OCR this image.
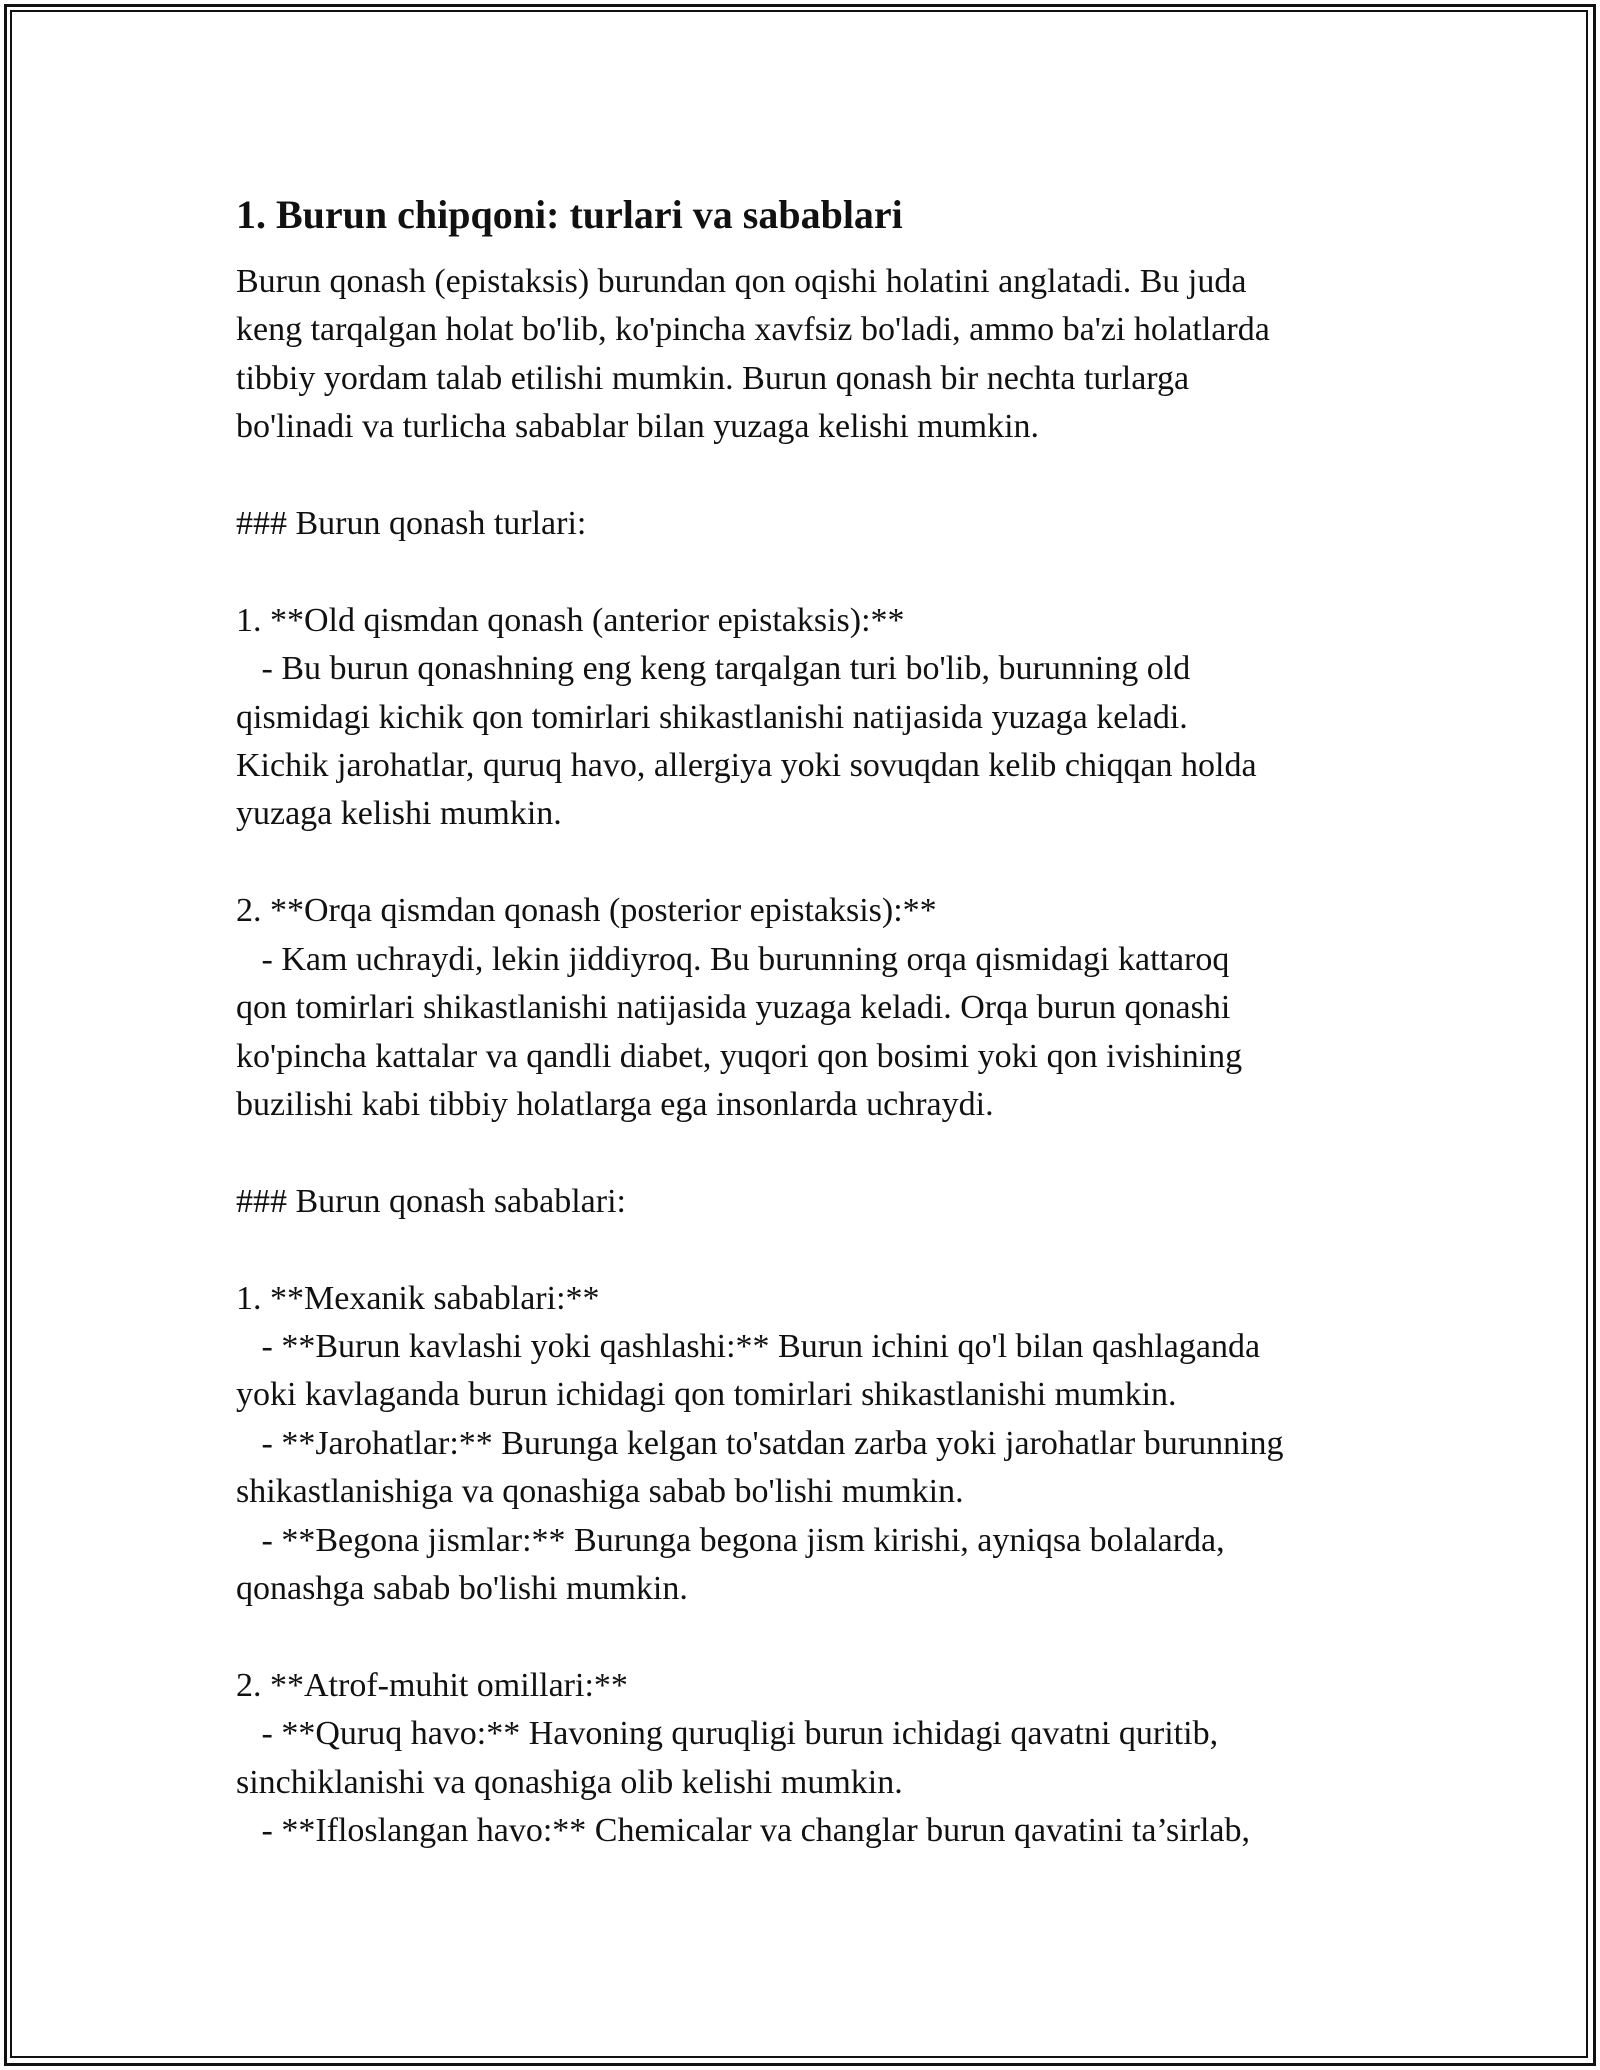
1. Burun chipqoni: turlari va sabablari

Burun qonash (epistaksis) burundan qon oqishi holatini anglatadi. Bu juda

keng tarqalgan holat bo'lib, ko'pincha xavfsiz bo'ladi, ammo ba'zi holatlarda

tibbiy yordam talab etilishi mumkin. Burun qonash bir nechta turlarga

bo'linadi va turlicha sabablar bilan yuzaga kelishi mumkin.

### Burun qonash turlari:

1. **Old qismdan qonash (anterior epistaksis):**

- Bu burun qonashning eng keng tarqalgan turi bo'lib, burunning old

qismidagi kichik qon tomirlari shikastlanishi natijasida yuzaga keladi.

Kichik jarohatlar, quruq havo, allergiya yoki sovuqdan kelib chiqqan holda

yuzaga kelishi mumkin.

2. **Orqa qismdan qonash (posterior epistaksis):**

- Kam uchraydi, lekin jiddiyroq. Bu burunning orqa qismidagi kattaroq

qon tomirlari shikastlanishi natijasida yuzaga keladi. Orqa burun qonashi

ko'pincha kattalar va qandli diabet, yuqori qon bosimi yoki qon ivishining

buzilishi kabi tibbiy holatlarga ega insonlarda uchraydi.

### Burun qonash sabablari:

1. **Mexanik sabablari:**

- **Burun kavlashi yoki qashlashi:** Burun ichini qo'l bilan qashlaganda

yoki kavlaganda burun ichidagi qon tomirlari shikastlanishi mumkin.

- **Jarohatlar:** Burunga kelgan to'satdan zarba yoki jarohatlar burunning

shikastlanishiga va qonashiga sabab bo'lishi mumkin.

- **Begona jismlar:** Burunga begona jism kirishi, ayniqsa bolalarda,

qonashga sabab bo'lishi mumkin.

2. **Atrof-muhit omillari:**

- **Quruq havo:** Havoning quruqligi burun ichidagi qavatni quritib,

sinchiklanishi va qonashiga olib kelishi mumkin.

- **Ifloslangan havo:** Chemicalar va changlar burun qavatini ta’sirlab,
